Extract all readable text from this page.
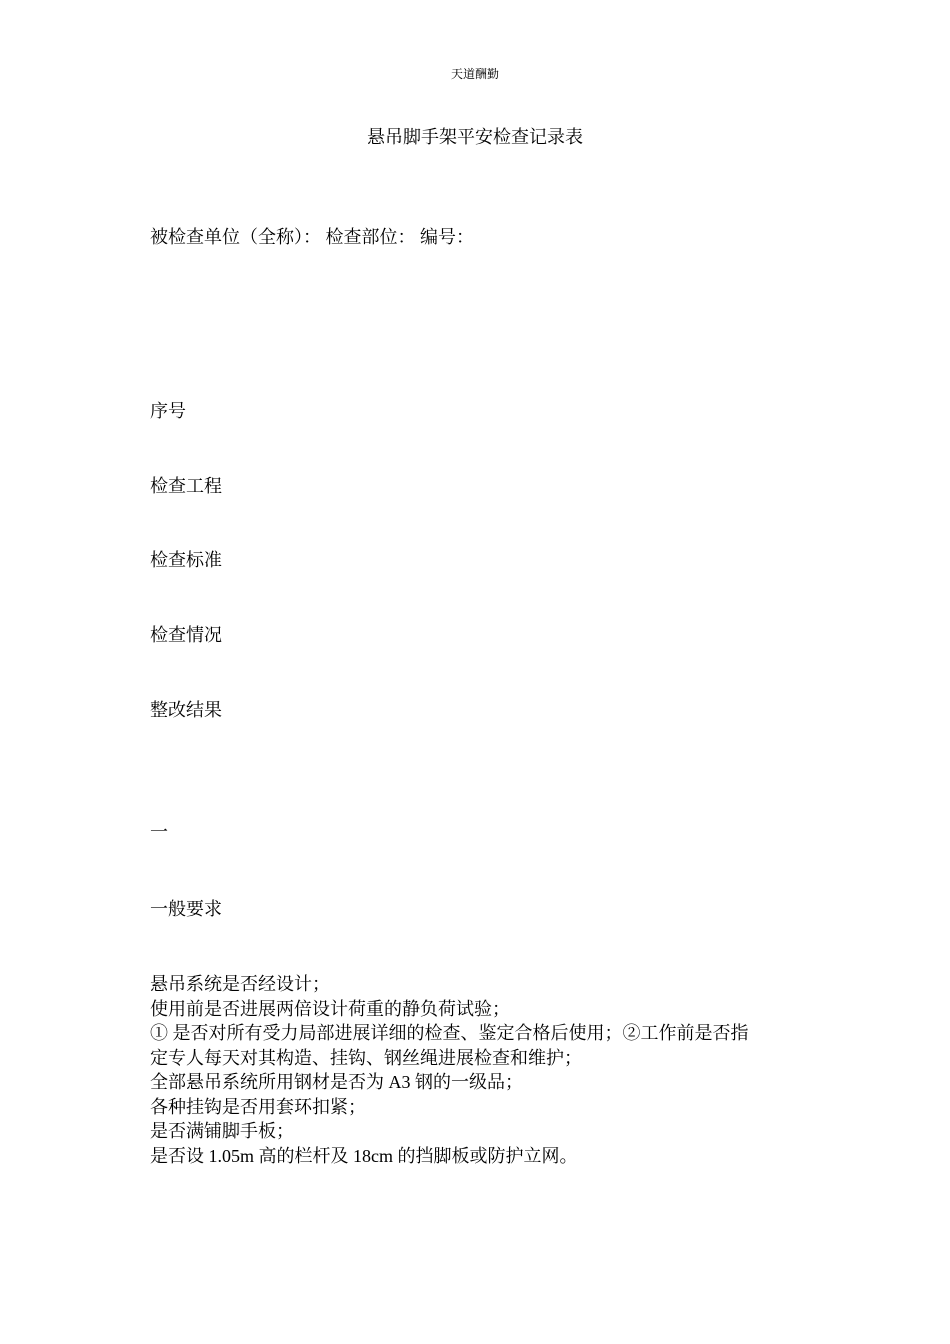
天道酬勤
悬吊脚手架平安检查记录表
被检查单位（全称）： 检查部位： 编号：
序号
检查工程
检查标准
检查情况
整改结果
一
一般要求
悬吊系统是否经设计；
使用前是否进展两倍设计荷重的静负荷试验；
① 是否对所有受力局部进展详细的检查、鉴定合格后使用；②工作前是否指
定专人每天对其构造、挂钩、钢丝绳进展检查和维护；
全部悬吊系统所用钢材是否为 A3 钢的一级品；
各种挂钩是否用套环扣紧；
是否满铺脚手板；
是否设 1.05m 高的栏杆及 18cm 的挡脚板或防护立网。
